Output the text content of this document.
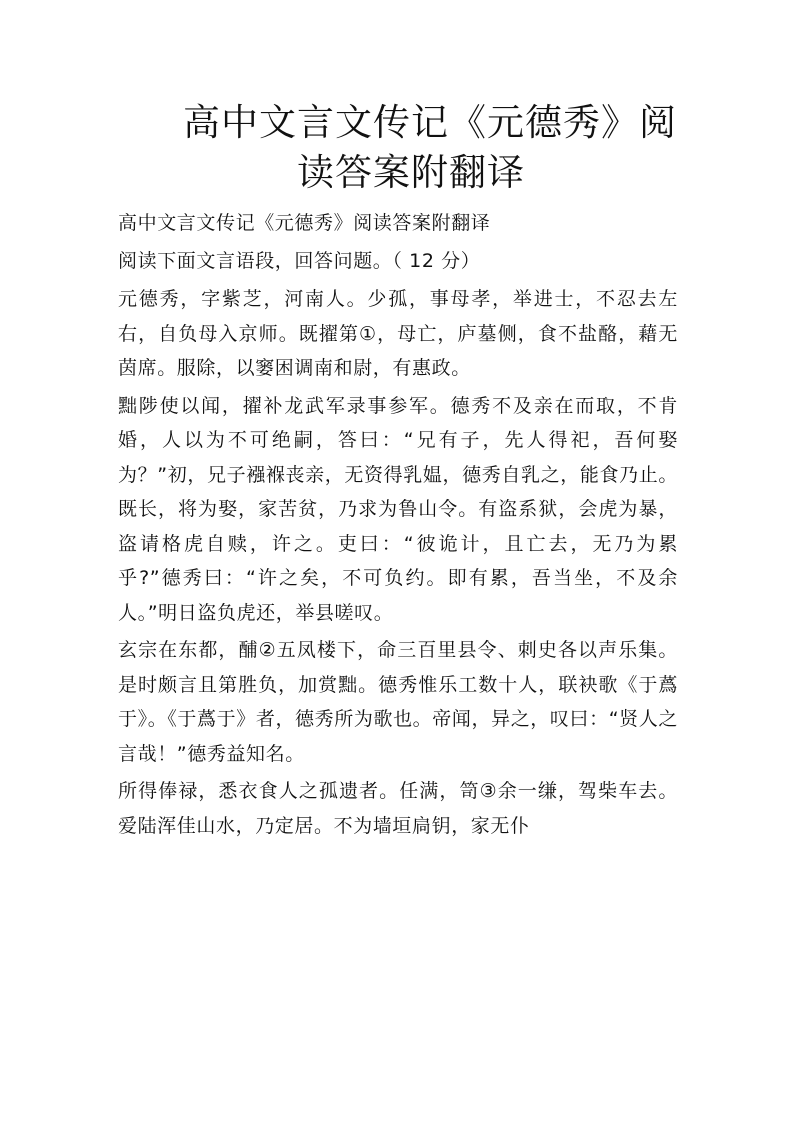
高中文言文传记《元德秀》阅
读答案附翻译

高中文言文传记《元德秀》阅读答案附翻译

阅读下面文言语段，回答问题。（ 12 分）

元德秀，字紫芝，河南人。少孤，事母孝，举进士，不忍去左右，自负母入京师。既擢第①，母亡，庐墓侧，食不盐酪，藉无茵席。服除，以窭困调南和尉，有惠政。

黜陟使以闻，擢补龙武军录事参军。德秀不及亲在而取，不肯婚，人以为不可绝嗣，答曰：“兄有子，先人得祀，吾何娶为？”初，兄子襁褓丧亲，无资得乳媪，德秀自乳之，能食乃止。既长，将为娶，家苦贫，乃求为鲁山令。有盗系狱，会虎为暴，盗请格虎自赎，许之。吏曰：“彼诡计，且亡去，无乃为累乎?”德秀曰：“许之矣，不可负约。即有累，吾当坐，不及余人。”明日盗负虎还，举县嗟叹。

玄宗在东都，酺②五凤楼下，命三百里县令、刺史各以声乐集。是时颇言且第胜负，加赏黜。德秀惟乐工数十人，联袂歌《于蔿于》。《于蔿于》者，德秀所为歌也。帝闻，异之，叹曰：“贤人之言哉！”德秀益知名。

所得俸禄，悉衣食人之孤遗者。任满，笥③余一缣，驾柴车去。爱陆浑佳山水，乃定居。不为墙垣扃钥，家无仆
